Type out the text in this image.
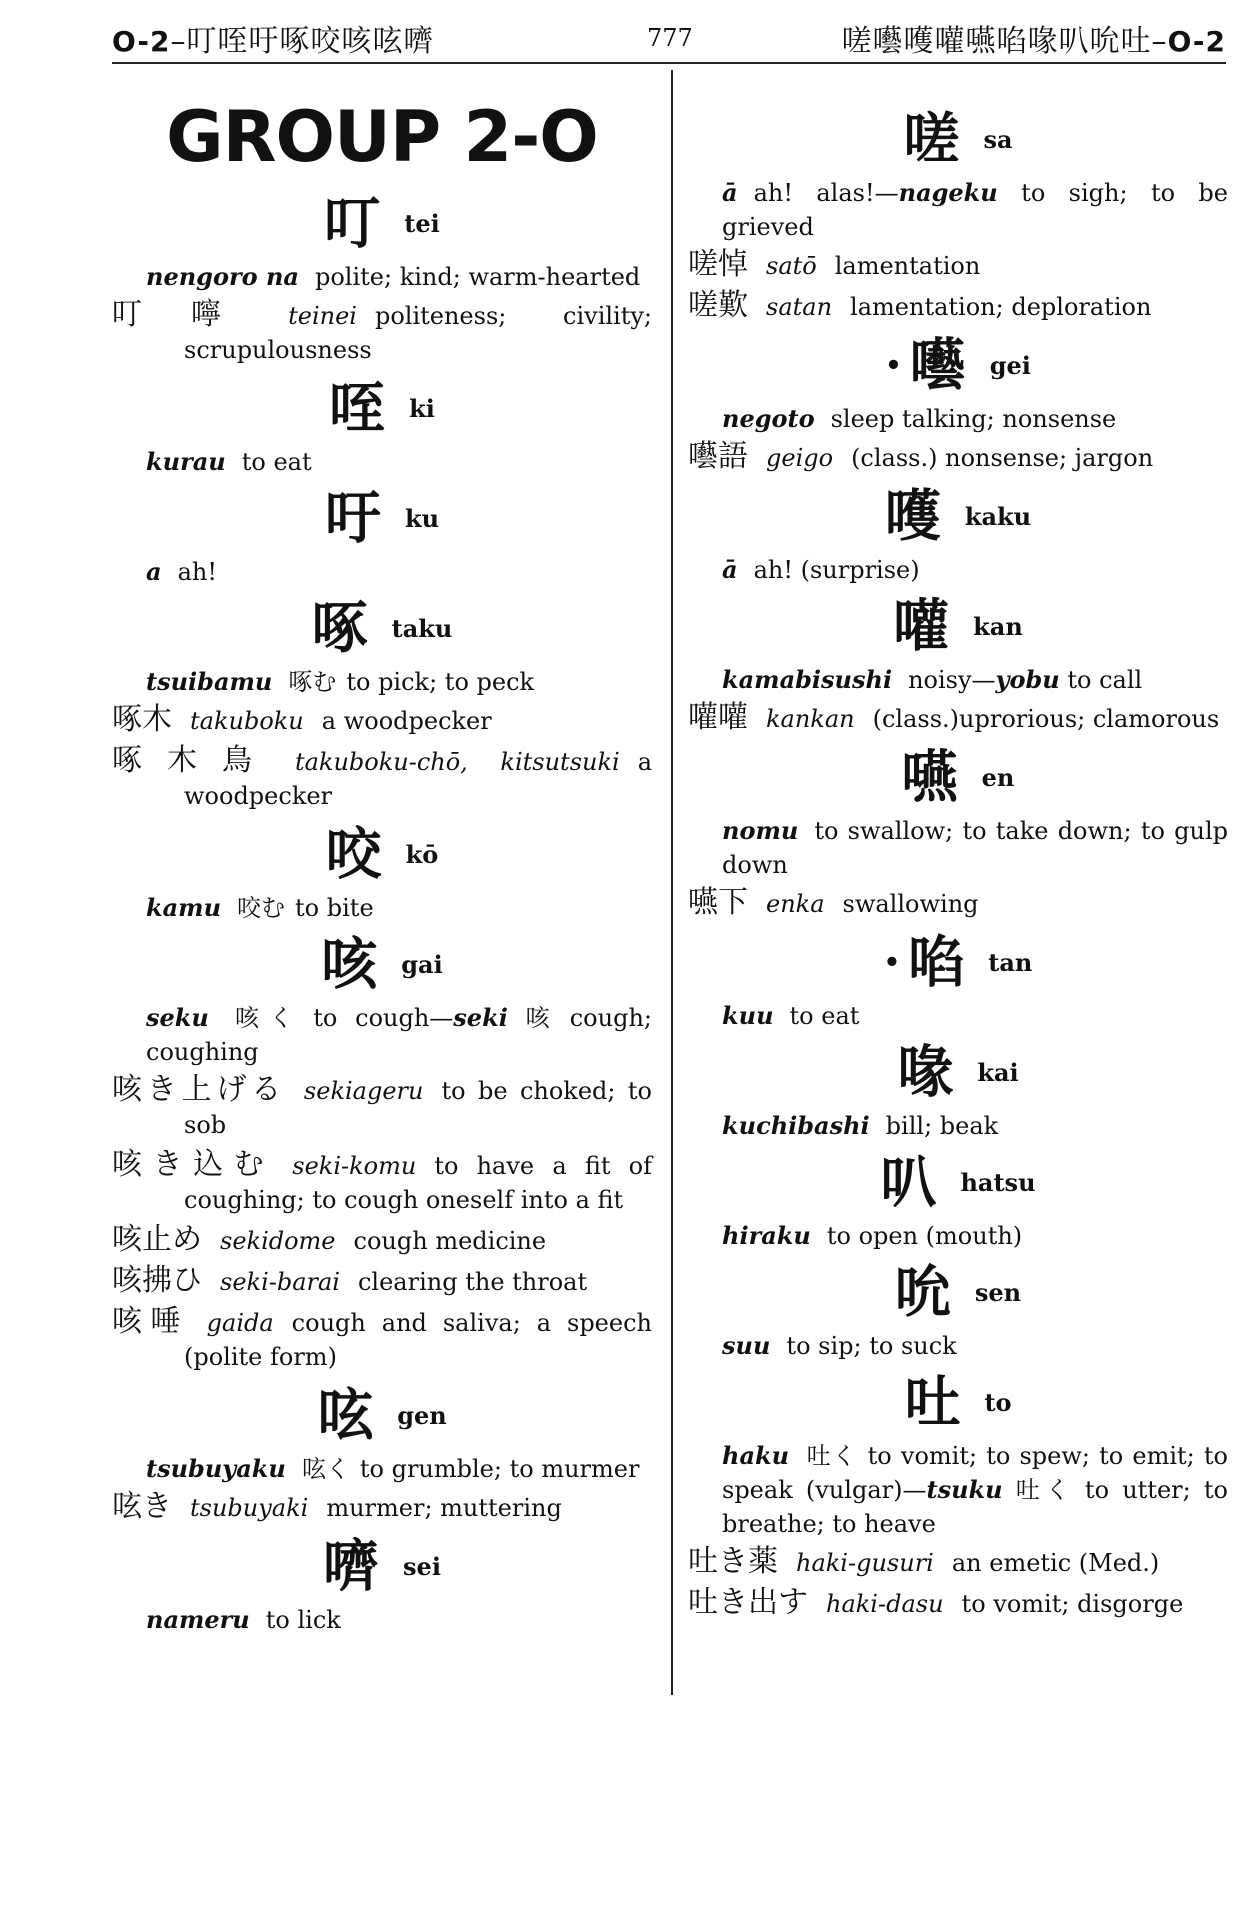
O-2–叮咥吁啄咬咳呟嚌	777	嗟囈嚄嚾嚥啗喙叭吮吐–O-2
GROUP 2-O
叮 tei
nengoro na polite; kind; warm-hearted
叮嚀 teinei politeness; civility; scrupulousness
咥 ki
kurau to eat
吁 ku
a ah!
啄 taku
tsuibamu 啄む to pick; to peck
啄木 takuboku a woodpecker
啄木鳥 takuboku-chō, kitsutsuki a woodpecker
咬 kō
kamu 咬む to bite
咳 gai
seku 咳く to cough—seki 咳 cough; coughing
咳き上げる sekiageru to be choked; to sob
咳き込む seki-komu to have a fit of coughing; to cough oneself into a fit
咳止め sekidome cough medicine
咳拂ひ seki-barai clearing the throat
咳唾 gaida cough and saliva; a speech (polite form)
呟 gen
tsubuyaku 呟く to grumble; to murmer
呟き tsubuyaki murmer; muttering
嚌 sei
nameru to lick
嗟 sa
ā ah! alas!—nageku to sigh; to be grieved
嗟悼 satō lamentation
嗟歎 satan lamentation; deploration
• 囈 gei
negoto sleep talking; nonsense
囈語 geigo (class.) nonsense; jargon
嚄 kaku
ā ah! (surprise)
嚾 kan
kamabisushi noisy—yobu to call
嚾嚾 kankan (class.)uproriоus; clamorous
嚥 en
nomu to swallow; to take down; to gulp down
嚥下 enka swallowing
• 啗 tan
kuu to eat
喙 kai
kuchibashi bill; beak
叭 hatsu
hiraku to open (mouth)
吮 sen
suu to sip; to suck
吐 to
haku 吐く to vomit; to spew; to emit; to speak (vulgar)—tsuku 吐く to utter; to breathe; to heave
吐き薬 haki-gusuri an emetic (Med.)
吐き出す haki-dasu to vomit; disgorge
